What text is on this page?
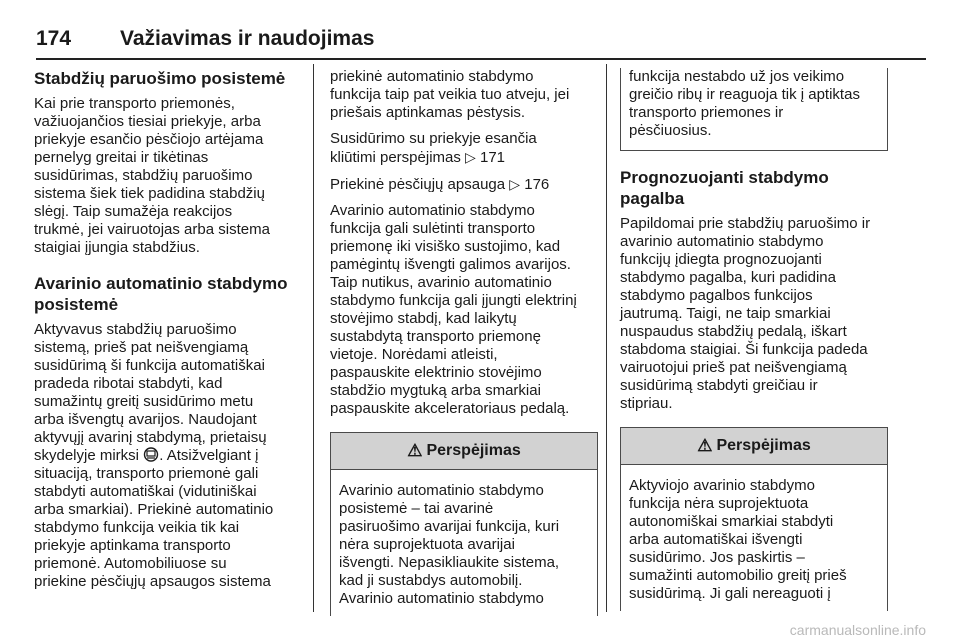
174	Važiavimas ir naudojimas
Stabdžių paruošimo posistemė

Kai prie transporto priemonės,

važiuojančios tiesiai priekyje, arba

priekyje esančio pėsčiojo artėjama

pernelyg greitai ir tikėtinas

susidūrimas, stabdžių paruošimo

sistema šiek tiek padidina stabdžių

slėgį. Taip sumažėja reakcijos

trukmė, jei vairuotojas arba sistema

staigiai įjungia stabdžius.

Avarinio automatinio stabdymo
posistemė

Aktyvavus stabdžių paruošimo

sistemą, prieš pat neišvengiamą

susidūrimą ši funkcija automatiškai

pradeda ribotai stabdyti, kad

sumažintų greitį susidūrimo metu

arba išvengtų avarijos. Naudojant

aktyvųjį avarinį stabdymą, prietaisų

skydelyje mirksi . Atsižvelgiant į

situaciją, transporto priemonė gali

stabdyti automatiškai (vidutiniškai

arba smarkiai). Priekinė automatinio

stabdymo funkcija veikia tik kai

priekyje aptinkama transporto

priemonė. Automobiliuose su

priekine pėsčiųjų apsaugos sistema

priekinė automatinio stabdymo

funkcija taip pat veikia tuo atveju, jei

priešais aptinkamas pėstysis.

Susidūrimo su priekyje esančia

kliūtimi perspėjimas ▷ 171

Priekinė pėsčiųjų apsauga ▷ 176

Avarinio automatinio stabdymo

funkcija gali sulėtinti transporto

priemonę iki visiško sustojimo, kad

pamėgintų išvengti galimos avarijos.

Taip nutikus, avarinio automatinio

stabdymo funkcija gali įjungti elektrinį

stovėjimo stabdį, kad laikytų

sustabdytą transporto priemonę

vietoje. Norėdami atleisti,

paspauskite elektrinio stovėjimo

stabdžio mygtuką arba smarkiai

paspauskite akceleratoriaus pedalą.

⚠ Perspėjimas

Avarinio automatinio stabdymo

posistemė – tai avarinė

pasiruošimo avarijai funkcija, kuri

nėra suprojektuota avarijai

išvengti. Nepasikliaukite sistema,

kad ji sustabdys automobilį.

Avarinio automatinio stabdymo

funkcija nestabdo už jos veikimo

greičio ribų ir reaguoja tik į aptiktas

transporto priemones ir

pėsčiuosius.

Prognozuojanti stabdymo
pagalba

Papildomai prie stabdžių paruošimo ir

avarinio automatinio stabdymo

funkcijų įdiegta prognozuojanti

stabdymo pagalba, kuri padidina

stabdymo pagalbos funkcijos

jautrumą. Taigi, ne taip smarkiai

nuspaudus stabdžių pedalą, iškart

stabdoma staigiai. Ši funkcija padeda

vairuotojui prieš pat neišvengiamą

susidūrimą stabdyti greičiau ir

stipriau.

⚠ Perspėjimas

Aktyviojo avarinio stabdymo

funkcija nėra suprojektuota

autonomiškai smarkiai stabdyti

arba automatiškai išvengti

susidūrimo. Jos paskirtis –

sumažinti automobilio greitį prieš

susidūrimą. Ji gali nereaguoti į

carmanualsonline.info
